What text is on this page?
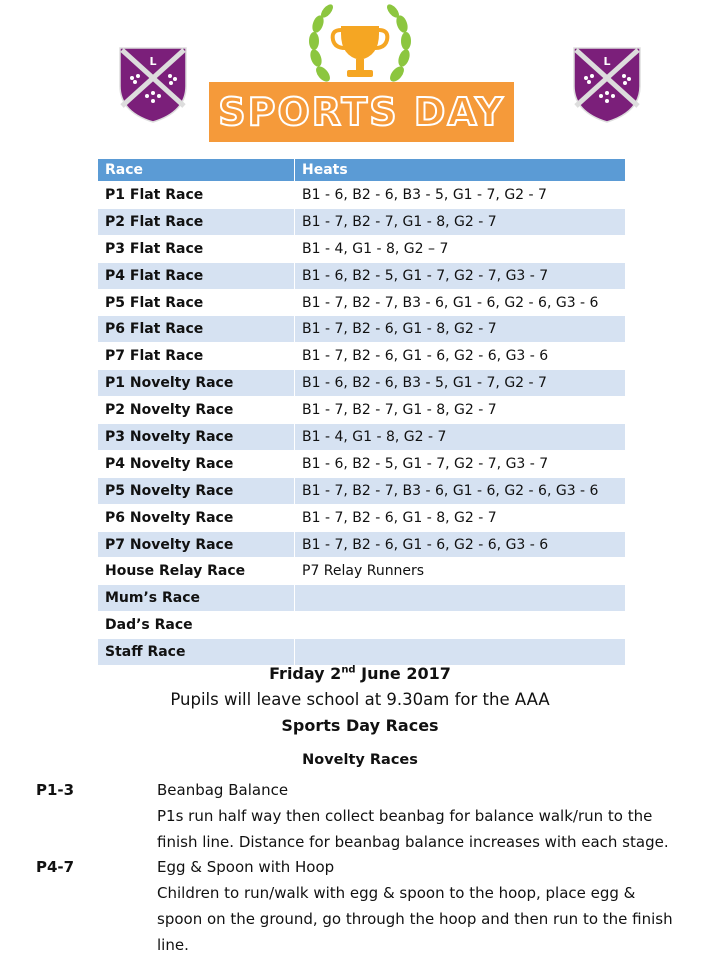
L	L
SPORTS DAY
Race	Heats
P1 Flat Race	B1 - 6, B2 - 6, B3 - 5, G1 - 7, G2 - 7
P2 Flat Race	B1 - 7, B2 - 7, G1 - 8, G2 - 7
P3 Flat Race	B1 - 4, G1 - 8, G2 – 7
P4 Flat Race	B1 - 6, B2 - 5, G1 - 7, G2 - 7, G3 - 7
P5 Flat Race	B1 - 7, B2 - 7, B3 - 6, G1 - 6, G2 - 6, G3 - 6
P6 Flat Race	B1 - 7, B2 - 6, G1 - 8, G2 - 7
P7 Flat Race	B1 - 7, B2 - 6, G1 - 6, G2 - 6, G3 - 6
P1 Novelty Race	B1 - 6, B2 - 6, B3 - 5, G1 - 7, G2 - 7
P2 Novelty Race	B1 - 7, B2 - 7, G1 - 8, G2 - 7
P3 Novelty Race	B1 - 4, G1 - 8, G2 - 7
P4 Novelty Race	B1 - 6, B2 - 5, G1 - 7, G2 - 7, G3 - 7
P5 Novelty Race	B1 - 7, B2 - 7, B3 - 6, G1 - 6, G2 - 6, G3 - 6
P6 Novelty Race	B1 - 7, B2 - 6, G1 - 8, G2 - 7
P7 Novelty Race	B1 - 7, B2 - 6, G1 - 6, G2 - 6, G3 - 6
House Relay Race	P7 Relay Runners
Mum’s Race	
Dad’s Race	
Staff Race	
Friday 2nd June 2017
Pupils will leave school at 9.30am for the AAA
Sports Day Races
Novelty Races
P1-3	Beanbag Balance
P1s run half way then collect beanbag for balance walk/run to the
finish line. Distance for beanbag balance increases with each stage.
P4-7	Egg & Spoon with Hoop
Children to run/walk with egg & spoon to the hoop, place egg &
spoon on the ground, go through the hoop and then run to the finish
line.
